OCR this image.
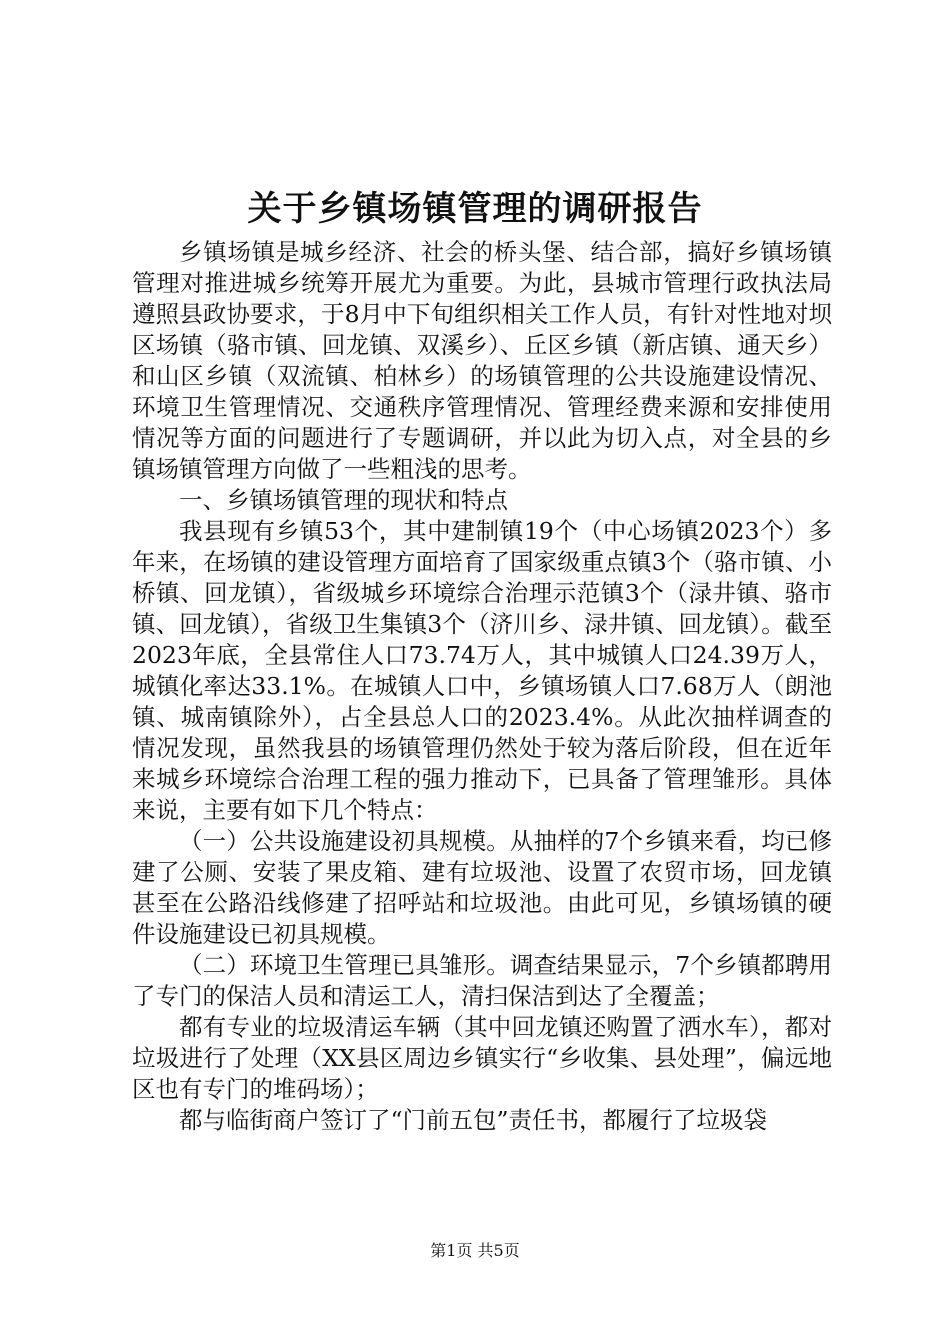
关于乡镇场镇管理的调研报告

乡镇场镇是城乡经济、社会的桥头堡、结合部，搞好乡镇场镇管理对推进城乡统筹开展尤为重要。为此，县城市管理行政执法局遵照县政协要求，于8月中下旬组织相关工作人员，有针对性地对坝区场镇（骆市镇、回龙镇、双溪乡）、丘区乡镇（新店镇、通天乡）和山区乡镇（双流镇、柏林乡）的场镇管理的公共设施建设情况、环境卫生管理情况、交通秩序管理情况、管理经费来源和安排使用情况等方面的问题进行了专题调研，并以此为切入点，对全县的乡镇场镇管理方向做了一些粗浅的思考。

一、乡镇场镇管理的现状和特点

我县现有乡镇53个，其中建制镇19个（中心场镇2023个）多年来，在场镇的建设管理方面培育了国家级重点镇3个（骆市镇、小桥镇、回龙镇），省级城乡环境综合治理示范镇3个（渌井镇、骆市镇、回龙镇），省级卫生集镇3个（济川乡、渌井镇、回龙镇）。截至2023年底，全县常住人口73.74万人，其中城镇人口24.39万人，城镇化率达33.1%。在城镇人口中，乡镇场镇人口7.68万人（朗池镇、城南镇除外），占全县总人口的2023.4%。从此次抽样调查的情况发现，虽然我县的场镇管理仍然处于较为落后阶段，但在近年来城乡环境综合治理工程的强力推动下，已具备了管理雏形。具体来说，主要有如下几个特点：

（一）公共设施建设初具规模。从抽样的7个乡镇来看，均已修建了公厕、安装了果皮箱、建有垃圾池、设置了农贸市场，回龙镇甚至在公路沿线修建了招呼站和垃圾池。由此可见，乡镇场镇的硬件设施建设已初具规模。

（二）环境卫生管理已具雏形。调查结果显示，7个乡镇都聘用了专门的保洁人员和清运工人，清扫保洁到达了全覆盖；

都有专业的垃圾清运车辆（其中回龙镇还购置了洒水车），都对垃圾进行了处理（XX县区周边乡镇实行“乡收集、县处理”，偏远地区也有专门的堆码场）；

都与临街商户签订了“门前五包”责任书，都履行了垃圾袋

第1页 共5页
